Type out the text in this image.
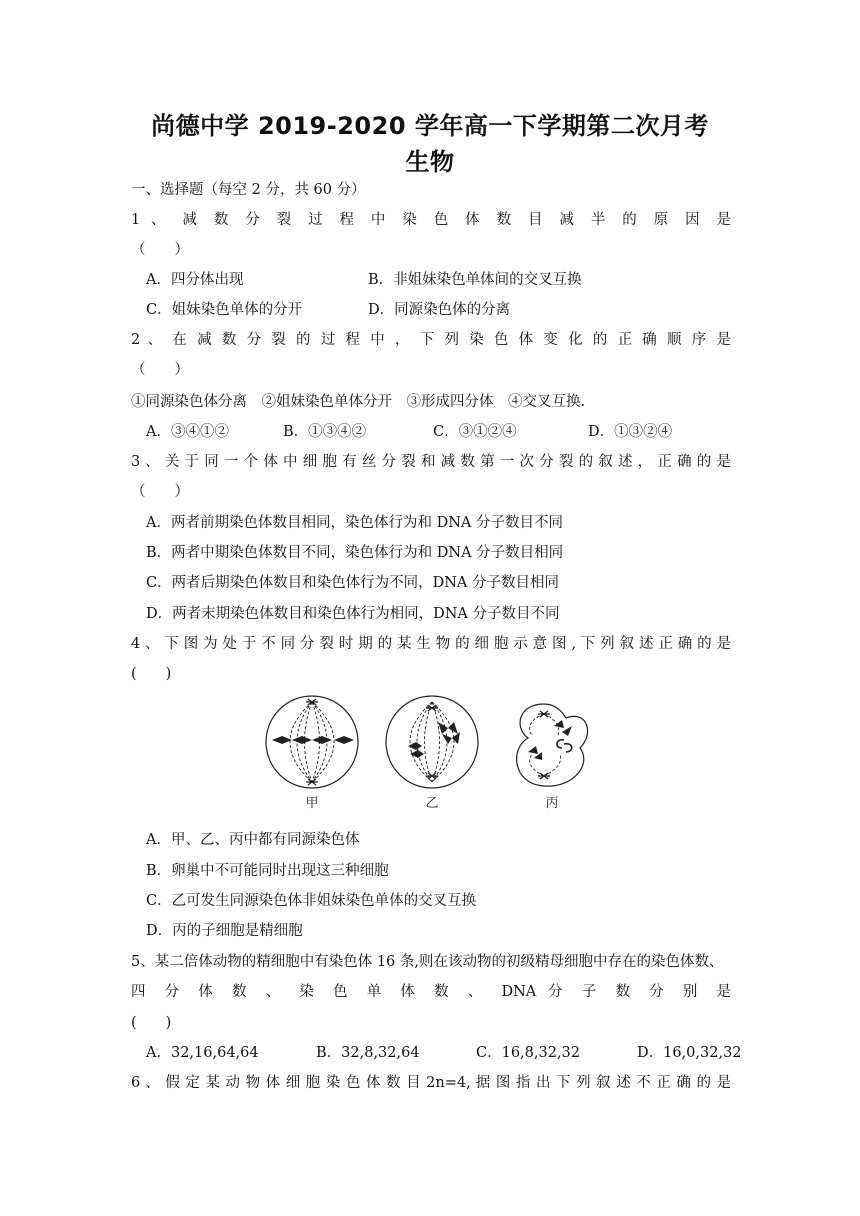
尚德中学 2019-2020 学年高一下学期第二次月考
生物
一、选择题（每空 2 分，共 60 分）
1 、 减 数 分 裂 过 程 中 染 色 体 数 目 减 半 的 原 因 是
（　　）
A．四分体出现	B．非姐妹染色单体间的交叉互换
C．姐妹染色单体的分开	D．同源染色体的分离
2 、 在 减 数 分 裂 的 过 程 中 ， 下 列 染 色 体 变 化 的 正 确 顺 序 是
（　　）
①同源染色体分离　②姐妹染色单体分开　③形成四分体　④交叉互换.
A．③④①②	B．①③④②	C．③①②④	D．①③②④
3 、 关 于 同 一 个 体 中 细 胞 有 丝 分 裂 和 减 数 第 一 次 分 裂 的 叙 述 ， 正 确 的 是
（　　）
A．两者前期染色体数目相同，染色体行为和 DNA 分子数目不同
B．两者中期染色体数目不同，染色体行为和 DNA 分子数目相同
C．两者后期染色体数目和染色体行为不同，DNA 分子数目相同
D．两者末期染色体数目和染色体行为相同，DNA 分子数目不同
4 、 下 图 为 处 于 不 同 分 裂 时 期 的 某 生 物 的 细 胞 示 意 图 , 下 列 叙 述 正 确 的 是
(　　)
甲	乙	丙
A．甲、乙、丙中都有同源染色体
B．卵巢中不可能同时出现这三种细胞
C．乙可发生同源染色体非姐妹染色单体的交叉互换
D．丙的子细胞是精细胞
5、某二倍体动物的精细胞中有染色体 16 条,则在该动物的初级精母细胞中存在的染色体数、
四 分 体 数 、 染 色 单 体 数 、 DNA 分 子 数 分 别 是
(　　)
A．32,16,64,64	B．32,8,32,64	C．16,8,32,32	D．16,0,32,32
6 、 假 定 某 动 物 体 细 胞 染 色 体 数 目 2n=4, 据 图 指 出 下 列 叙 述 不 正 确 的 是
